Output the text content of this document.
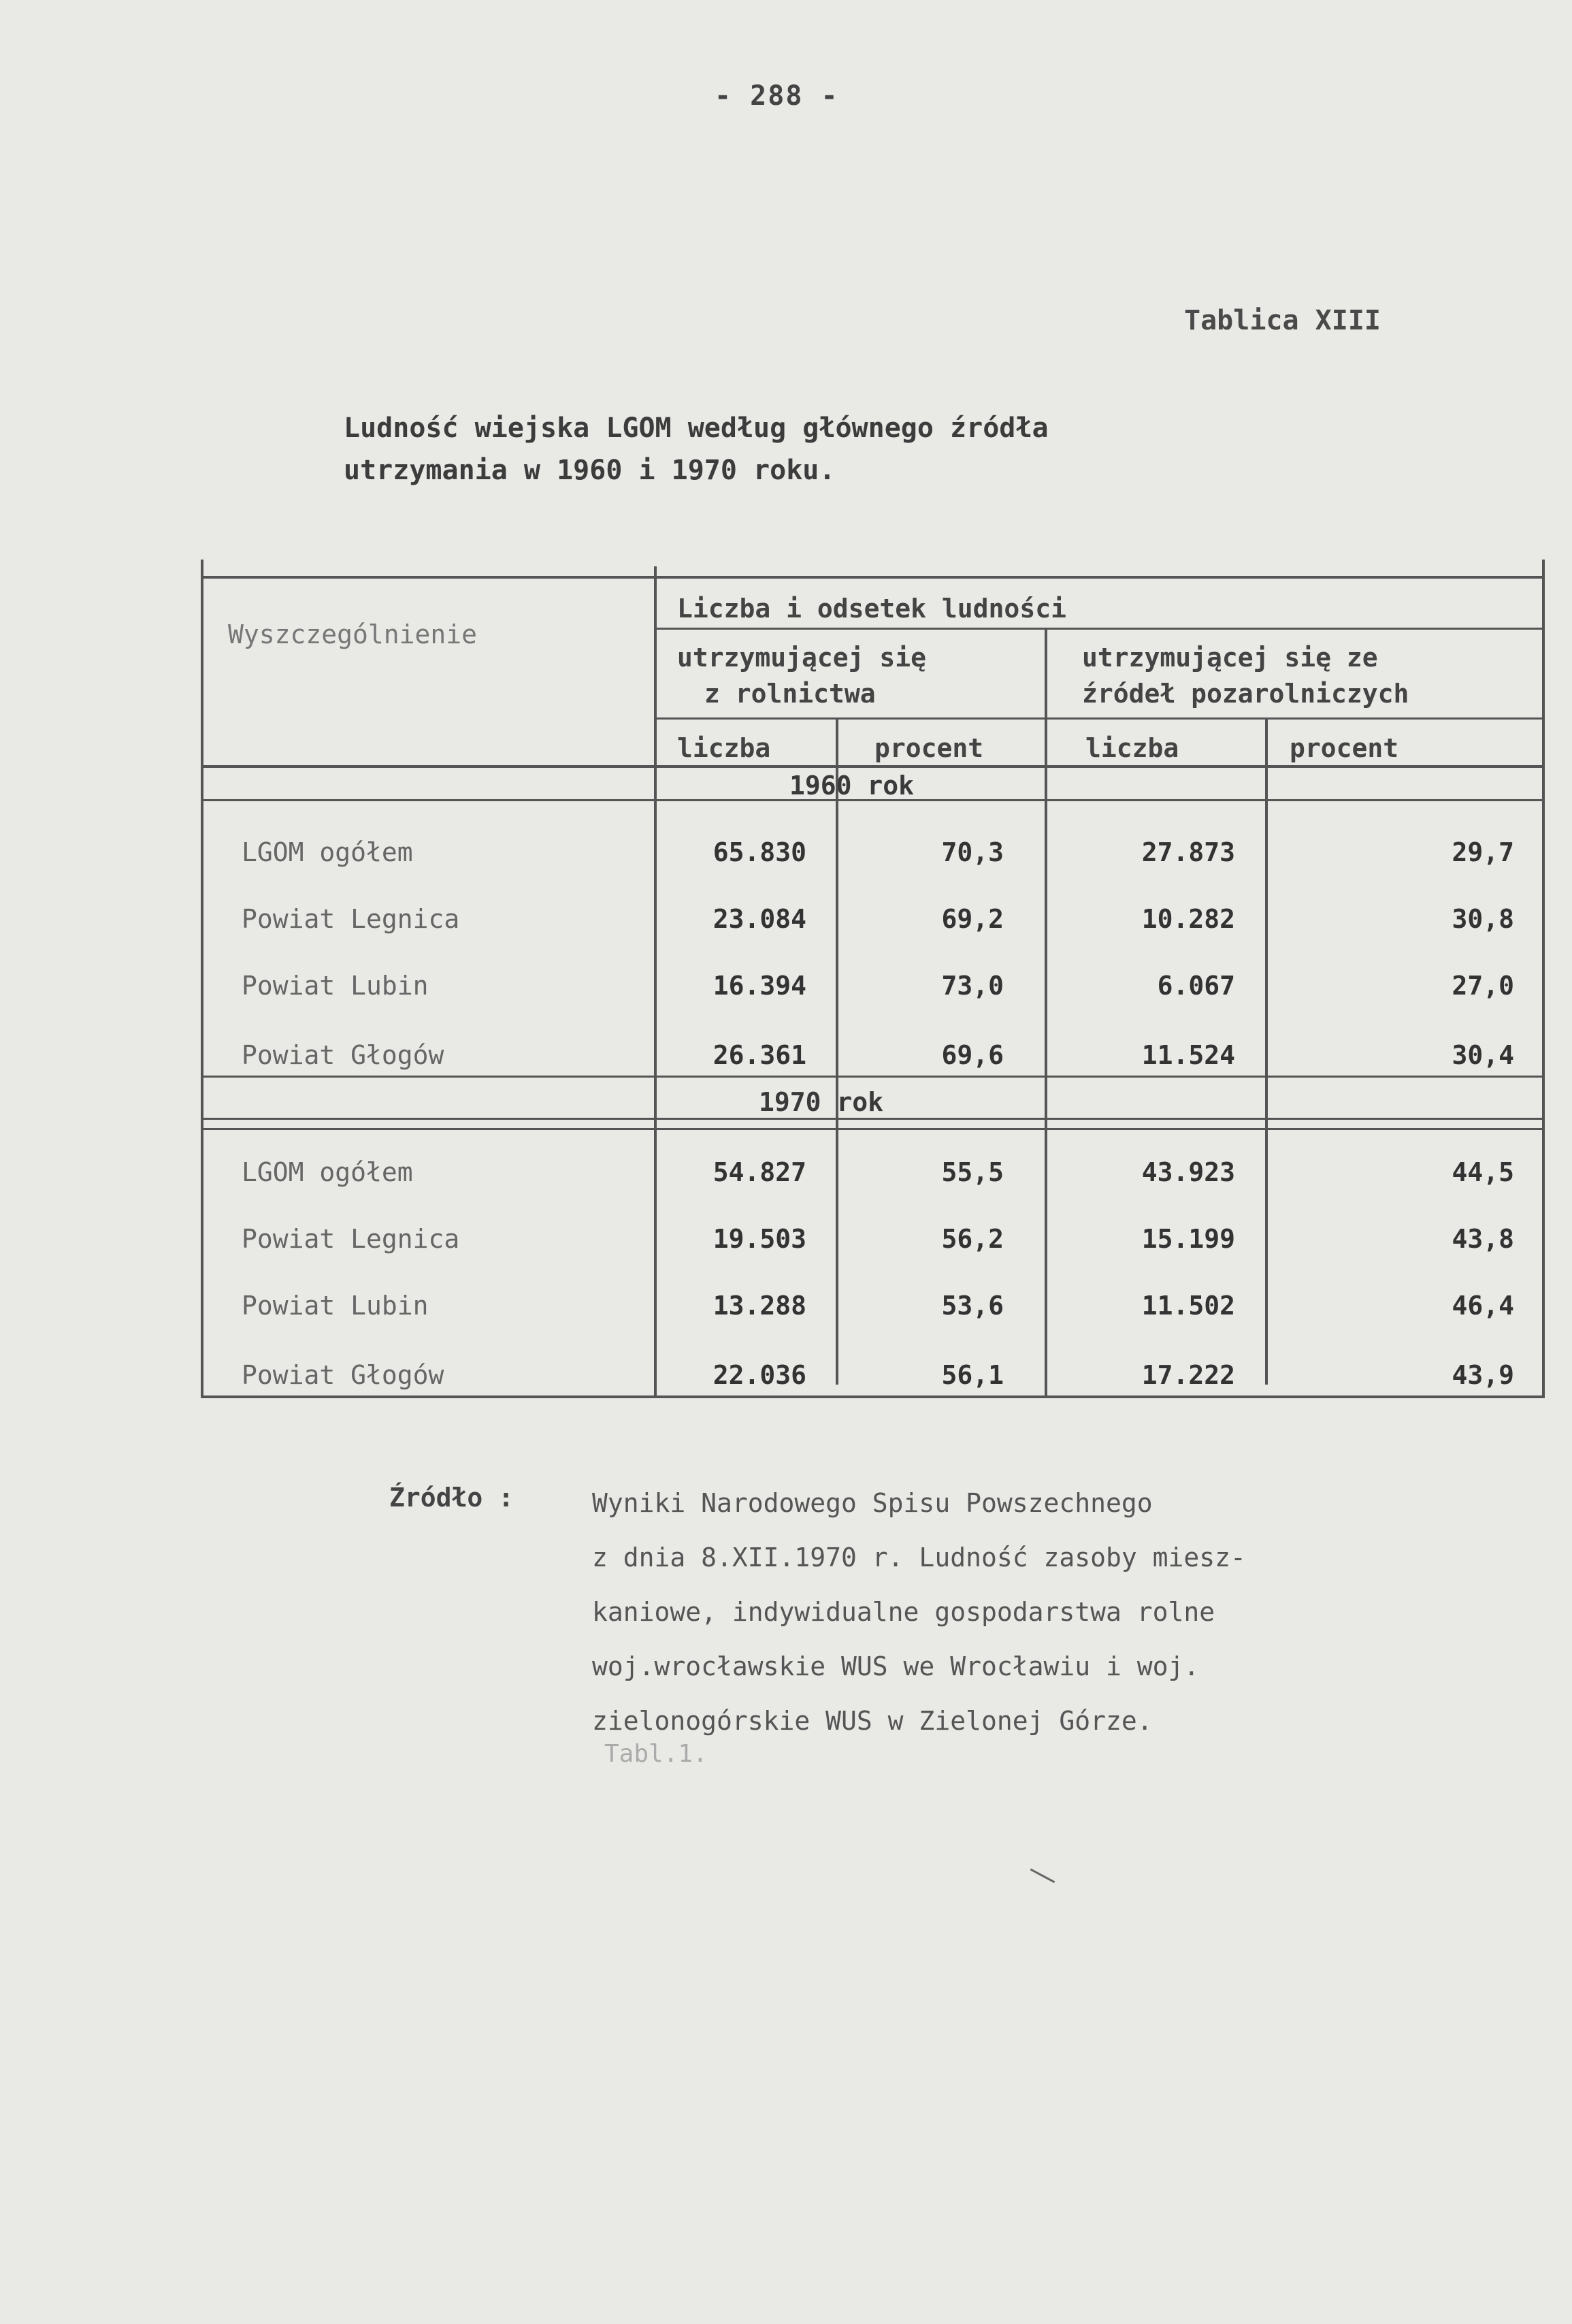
- 288 -
Tablica XIII
Ludność wiejska LGOM według głównego źródła
utrzymania w 1960 i 1970 roku.
Wyszczególnienie
Liczba i odsetek ludności
utrzymującej się
z rolnictwa
utrzymującej się ze
źródeł pozarolniczych
liczba	procent	liczba	procent
1960 rok
LGOM ogółem	65.830	70,3	27.873	29,7
Powiat Legnica	23.084	69,2	10.282	30,8
Powiat Lubin	16.394	73,0	6.067	27,0
Powiat Głogów	26.361	69,6	11.524	30,4
1970 rok
LGOM ogółem	54.827	55,5	43.923	44,5
Powiat Legnica	19.503	56,2	15.199	43,8
Powiat Lubin	13.288	53,6	11.502	46,4
Powiat Głogów	22.036	56,1	17.222	43,9
Źródło :	Wyniki Narodowego Spisu Powszechnego
z dnia 8.XII.1970 r. Ludność zasoby miesz-
kaniowe, indywidualne gospodarstwa rolne
woj.wrocławskie WUS we Wrocławiu i woj.
zielonogórskie WUS w Zielonej Górze.
Tabl.1.
